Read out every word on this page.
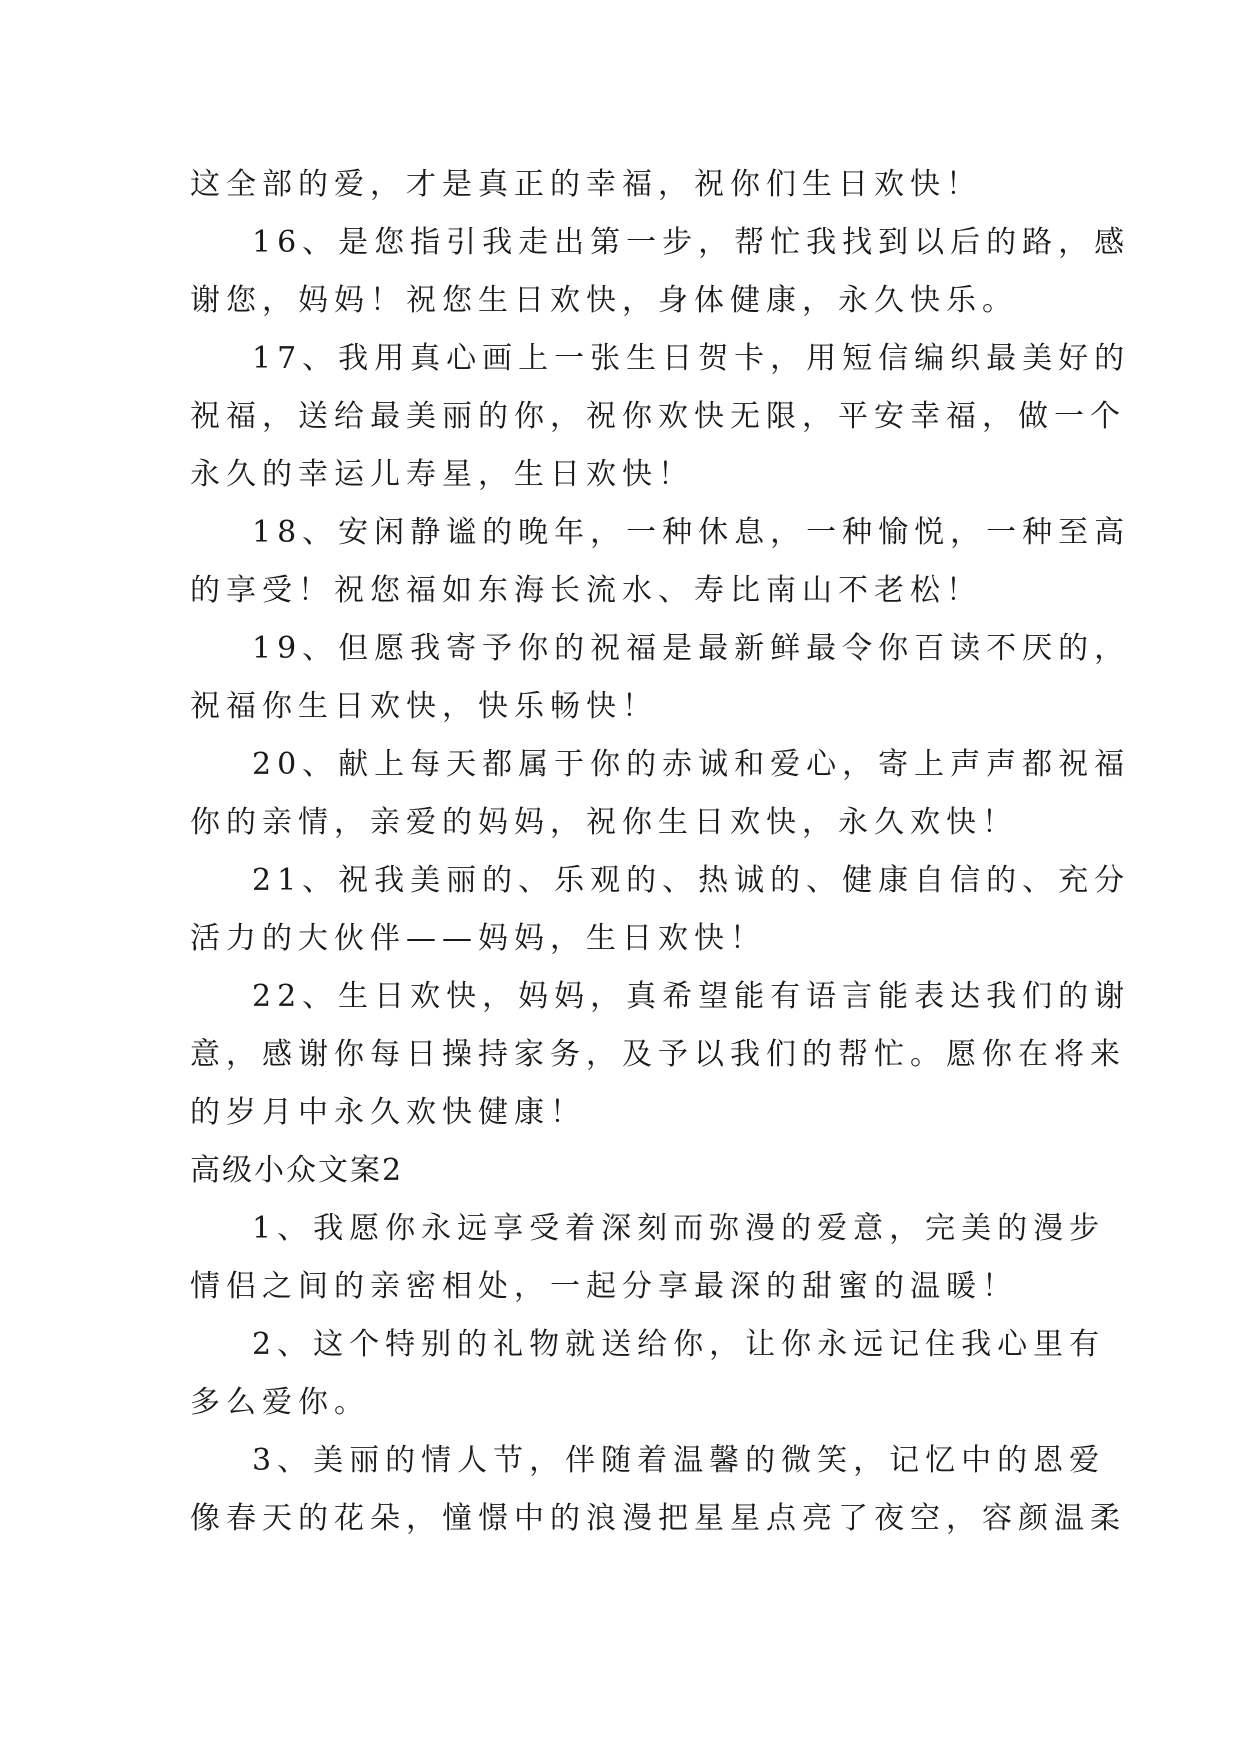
这全部的爱，才是真正的幸福，祝你们生日欢快！
16、是您指引我走出第一步，帮忙我找到以后的路，感
谢您，妈妈！祝您生日欢快，身体健康，永久快乐。
17、我用真心画上一张生日贺卡，用短信编织最美好的
祝福，送给最美丽的你，祝你欢快无限，平安幸福，做一个
永久的幸运儿寿星，生日欢快！
18、安闲静谧的晚年，一种休息，一种愉悦，一种至高
的享受！祝您福如东海长流水、寿比南山不老松！
19、但愿我寄予你的祝福是最新鲜最令你百读不厌的，
祝福你生日欢快，快乐畅快！
20、献上每天都属于你的赤诚和爱心，寄上声声都祝福
你的亲情，亲爱的妈妈，祝你生日欢快，永久欢快！
21、祝我美丽的、乐观的、热诚的、健康自信的、充分
活力的大伙伴——妈妈，生日欢快！
22、生日欢快，妈妈，真希望能有语言能表达我们的谢
意，感谢你每日操持家务，及予以我们的帮忙。愿你在将来
的岁月中永久欢快健康！
高级小众文案2
1、我愿你永远享受着深刻而弥漫的爱意，完美的漫步
情侣之间的亲密相处，一起分享最深的甜蜜的温暖！
2、这个特别的礼物就送给你，让你永远记住我心里有
多么爱你。
3、美丽的情人节，伴随着温馨的微笑，记忆中的恩爱
像春天的花朵，憧憬中的浪漫把星星点亮了夜空，容颜温柔
